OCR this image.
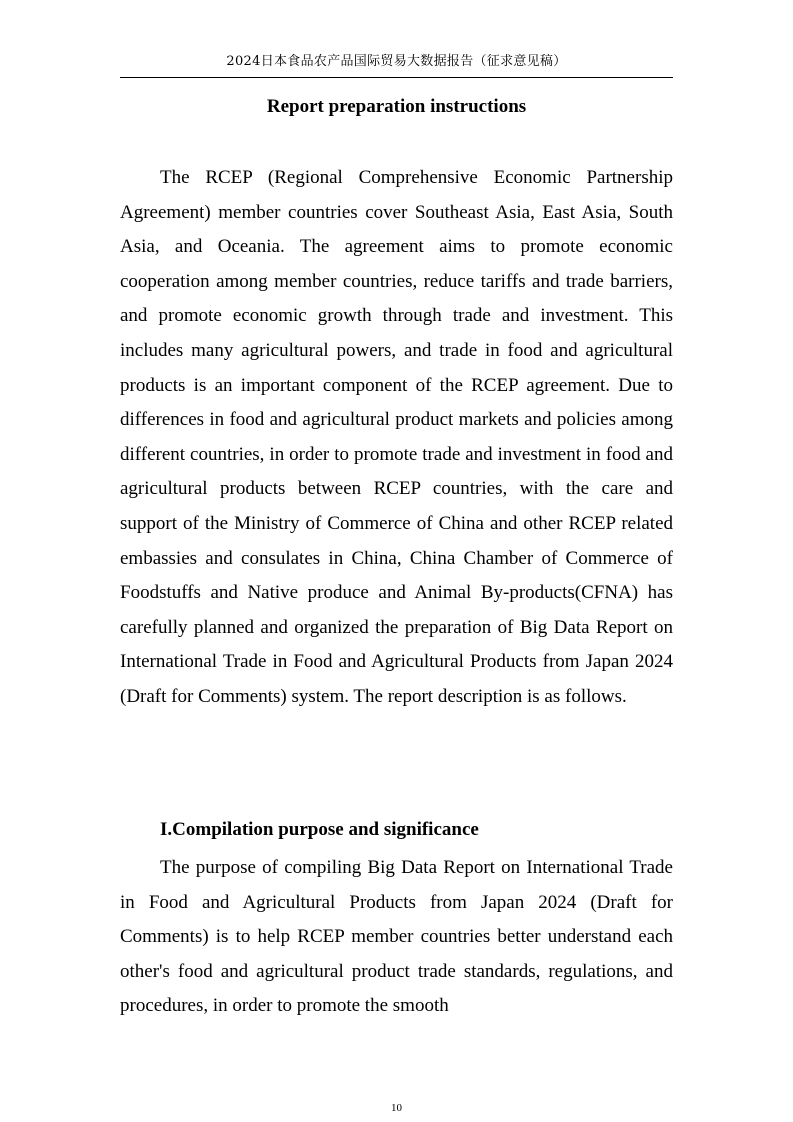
2024日本食品农产品国际贸易大数据报告（征求意见稿）
Report preparation instructions

The RCEP (Regional Comprehensive Economic Partnership Agreement) member countries cover Southeast Asia, East Asia, South Asia, and Oceania. The agreement aims to promote economic cooperation among member countries, reduce tariffs and trade barriers, and promote economic growth through trade and investment. This includes many agricultural powers, and trade in food and agricultural products is an important component of the RCEP agreement. Due to differences in food and agricultural product markets and policies among different countries, in order to promote trade and investment in food and agricultural products between RCEP countries, with the care and support of the Ministry of Commerce of China and other RCEP related embassies and consulates in China, China Chamber of Commerce of Foodstuffs and Native produce and Animal By-products(CFNA) has carefully planned and organized the preparation of Big Data Report on International Trade in Food and Agricultural Products from Japan 2024 (Draft for Comments) system. The report description is as follows.

I.Compilation purpose and significance

The purpose of compiling Big Data Report on International Trade in Food and Agricultural Products from Japan 2024 (Draft for Comments) is to help RCEP member countries better understand each other's food and agricultural product trade standards, regulations, and procedures, in order to promote the smooth

10
